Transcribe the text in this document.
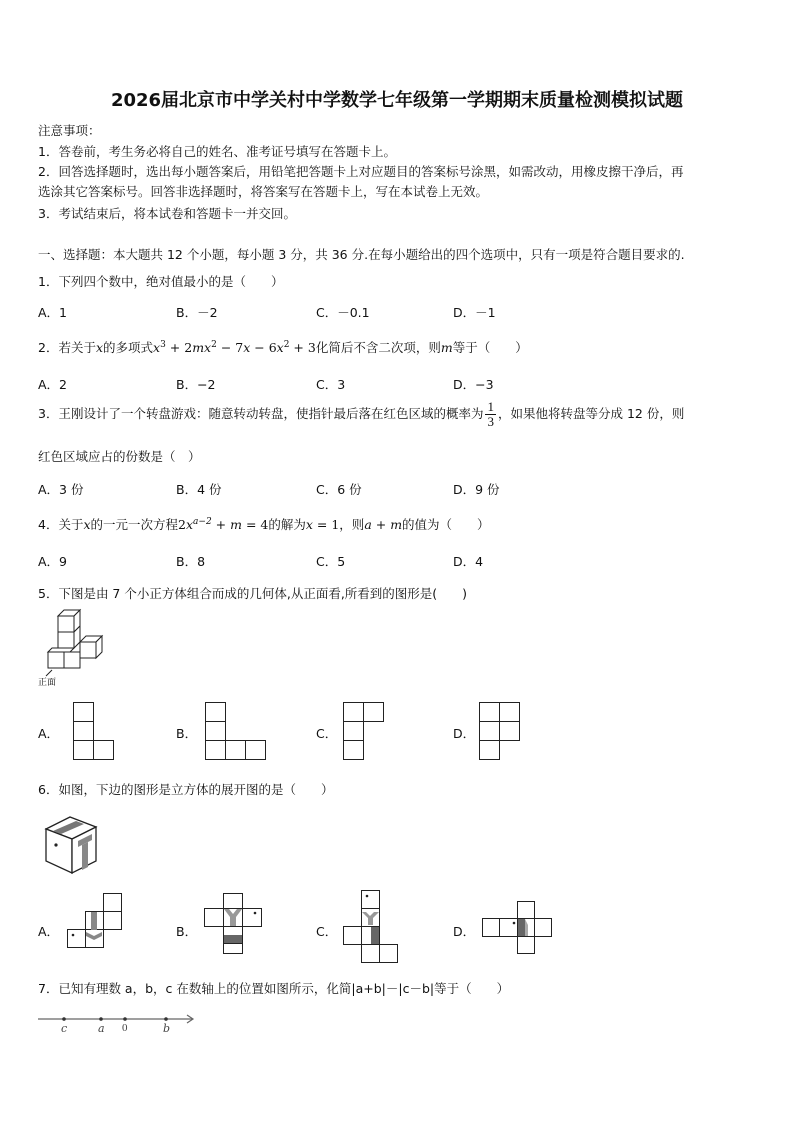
2026届北京市中学关村中学数学七年级第一学期期末质量检测模拟试题
注意事项：
1．答卷前，考生务必将自己的姓名、准考证号填写在答题卡上。
2．回答选择题时，选出每小题答案后，用铅笔把答题卡上对应题目的答案标号涂黑，如需改动，用橡皮擦干净后，再
选涂其它答案标号。回答非选择题时，将答案写在答题卡上，写在本试卷上无效。
3．考试结束后，将本试卷和答题卡一并交回。
一、选择题：本大题共 12 个小题，每小题 3 分，共 36 分.在每小题给出的四个选项中，只有一项是符合题目要求的.
1．下列四个数中，绝对值最小的是（　　）
A．1	B．－2	C．－0.1	D．－1
2．若关于x的多项式$x^3 + 2mx^2 - 7x - 6x^2 + 3$化简后不含二次项，则m等于（　　）
A．2	B．−2	C．3	D．−3
3．王刚设计了一个转盘游戏：随意转动转盘，使指针最后落在红色区域的概率为 $\frac{1}{3}$ ，如果他将转盘等分成 12 份，则
红色区域应占的份数是（　）
A．3 份	B．4 份	C．6 份	D．9 份
4．关于x的一元一次方程$2x^{a-2} + m = 4$的解为x = 1，则a + m的值为（　　）
A．9	B．8	C．5	D．4
5．下图是由 7 个小正方体组合而成的几何体,从正面看,所看到的图形是(　　)
正面
A．	B．	C．	D．
6．如图，下边的图形是立方体的展开图的是（　　）
A．	B．	C．	D．
7．已知有理数 a，b，c 在数轴上的位置如图所示，化简|a+b|－|c－b|等于（　　）
c	a 0	b
